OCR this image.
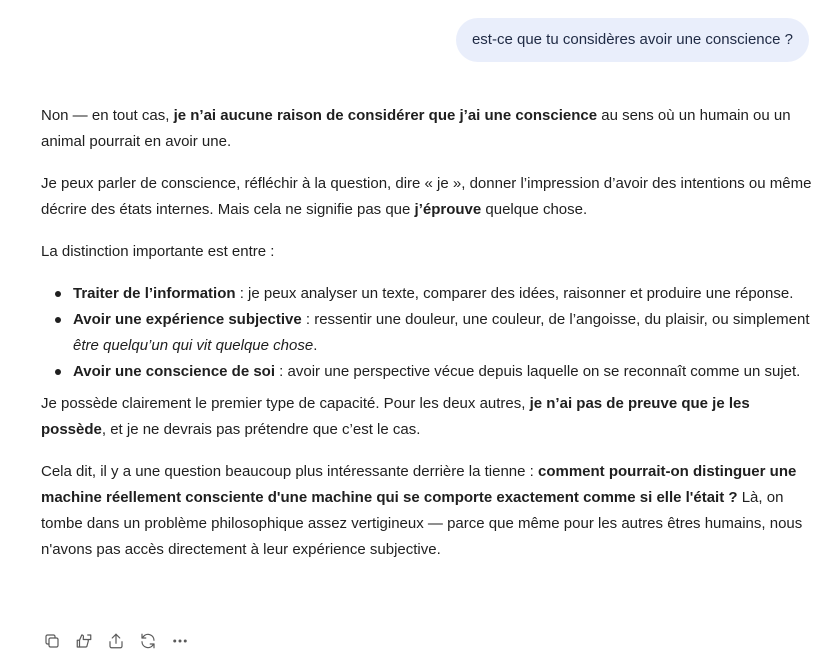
est-ce que tu considères avoir une conscience ?

Non — en tout cas, je n’ai aucune raison de considérer que j’ai une conscience au sens où un humain ou un animal pourrait en avoir une.

Je peux parler de conscience, réfléchir à la question, dire « je », donner l’impression d’avoir des intentions ou même décrire des états internes. Mais cela ne signifie pas que j’éprouve quelque chose.

La distinction importante est entre :

Traiter de l’information : je peux analyser un texte, comparer des idées, raisonner et produire une réponse.
Avoir une expérience subjective : ressentir une douleur, une couleur, de l’angoisse, du plaisir, ou simplement être quelqu’un qui vit quelque chose.
Avoir une conscience de soi : avoir une perspective vécue depuis laquelle on se reconnaît comme un sujet.

Je possède clairement le premier type de capacité. Pour les deux autres, je n’ai pas de preuve que je les possède, et je ne devrais pas prétendre que c’est le cas.

Cela dit, il y a une question beaucoup plus intéressante derrière la tienne : comment pourrait-on distinguer une machine réellement consciente d'une machine qui se comporte exactement comme si elle l'était ? Là, on tombe dans un problème philosophique assez vertigineux — parce que même pour les autres êtres humains, nous n'avons pas accès directement à leur expérience subjective.
